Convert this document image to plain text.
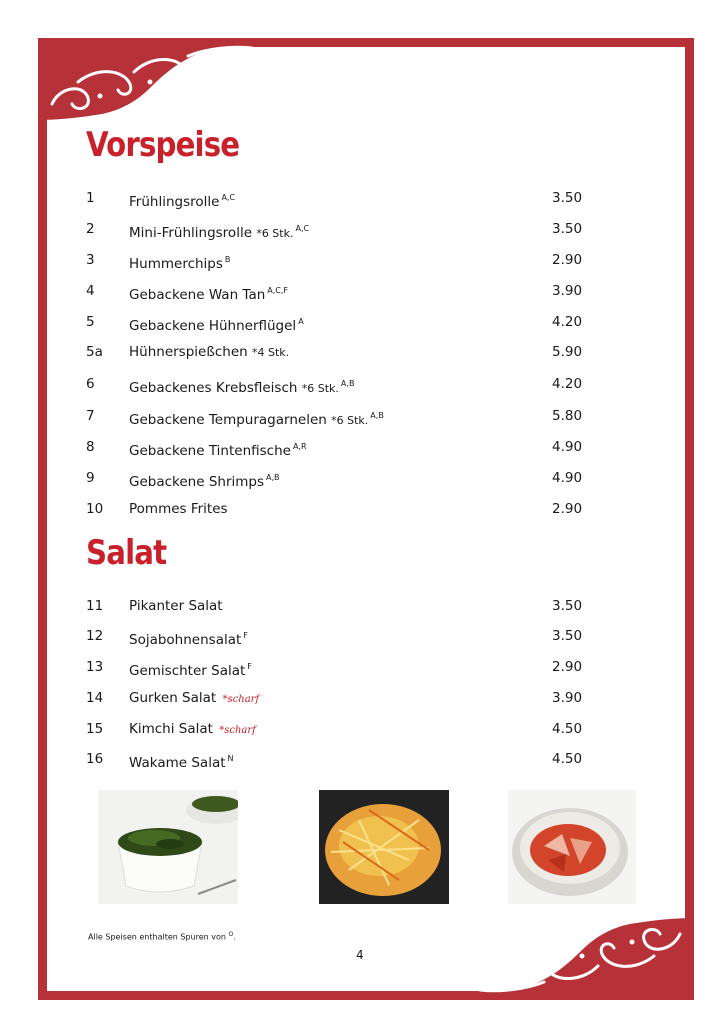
Vorspeise
1	Frühlingsrolle $^{A,C}$	3.50
2	Mini-Frühlingsrolle *6 Stk. $^{A,C}$	3.50
3	Hummerchips $^B$	2.90
4	Gebackene Wan Tan $^{A,C,F}$	3.90
5	Gebackene Hühnerflügel $^A$	4.20
5a Hühnerspießchen *4 Stk.	5.90
6	Gebackenes Krebsfleisch *6 Stk. $^{A,B}$	4.20
7	Gebackene Tempuragarnelen *6 Stk. $^{A,B}$	5.80
8	Gebackene Tintenfische $^{A,R}$	4.90
9	Gebackene Shrimps $^{A,B}$	4.90
10 Pommes Frites	2.90
Salat
11 Pikanter Salat	3.50
12 Sojabohnensalat $^F$	3.50
13 Gemischter Salat $^F$	2.90
14 Gurken Salat *scharf	3.90
15 Kimchi Salat *scharf	4.50
16 Wakame Salat $^N$	4.50
Alle Speisen enthalten Spuren von $^O$.
4
